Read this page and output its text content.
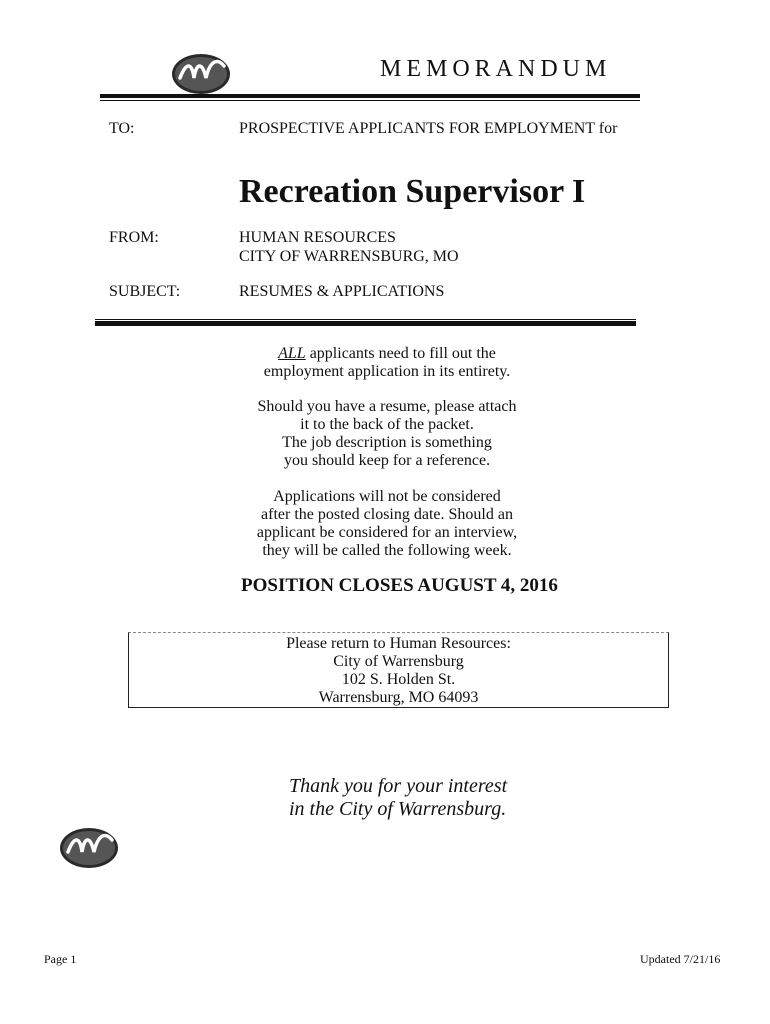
MEMORANDUM
TO:	PROSPECTIVE APPLICANTS FOR EMPLOYMENT for
Recreation Supervisor I
FROM:	HUMAN RESOURCES
CITY OF WARRENSBURG, MO
SUBJECT:	RESUMES & APPLICATIONS

ALL applicants need to fill out the

employment application in its entirety.

Should you have a resume, please attach

it to the back of the packet.

The job description is something

you should keep for a reference.

Applications will not be considered

after the posted closing date. Should an

applicant be considered for an interview,

they will be called the following week.

POSITION CLOSES AUGUST 4, 2016

Please return to Human Resources:

City of Warrensburg

102 S. Holden St.

Warrensburg, MO 64093

Thank you for your interest

in the City of Warrensburg.

Page 1	Updated 7/21/16
